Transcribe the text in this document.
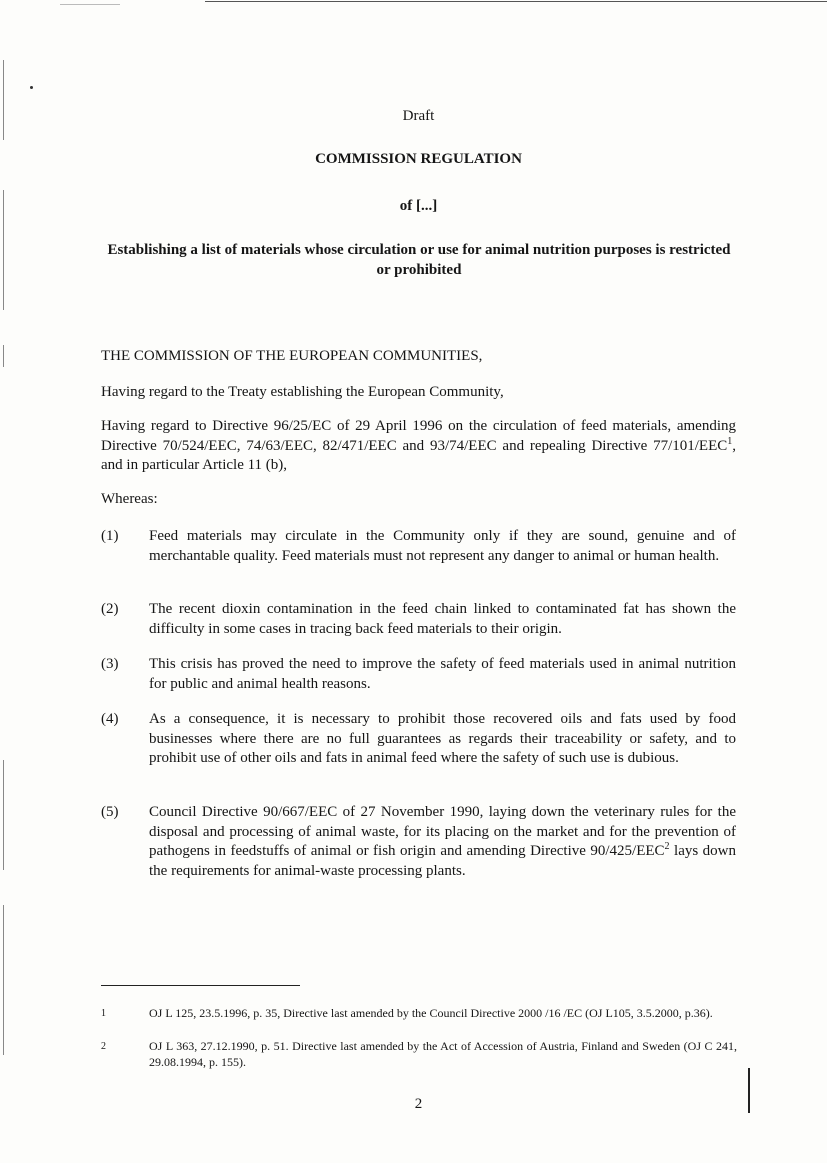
Draft
COMMISSION REGULATION
of [...]
Establishing a list of materials whose circulation or use for animal nutrition purposes is restricted or prohibited
THE COMMISSION OF THE EUROPEAN COMMUNITIES,
Having regard to the Treaty establishing the European Community,
Having regard to Directive 96/25/EC of 29 April 1996 on the circulation of feed materials, amending Directive 70/524/EEC, 74/63/EEC, 82/471/EEC and 93/74/EEC and repealing Directive 77/101/EEC$^1$, and in particular Article 11 (b),
Whereas:
(1) Feed materials may circulate in the Community only if they are sound, genuine and of merchantable quality. Feed materials must not represent any danger to animal or human health.
(2) The recent dioxin contamination in the feed chain linked to contaminated fat has shown the difficulty in some cases in tracing back feed materials to their origin.
(3) This crisis has proved the need to improve the safety of feed materials used in animal nutrition for public and animal health reasons.
(4) As a consequence, it is necessary to prohibit those recovered oils and fats used by food businesses where there are no full guarantees as regards their traceability or safety, and to prohibit use of other oils and fats in animal feed where the safety of such use is dubious.
(5) Council Directive 90/667/EEC of 27 November 1990, laying down the veterinary rules for the disposal and processing of animal waste, for its placing on the market and for the prevention of pathogens in feedstuffs of animal or fish origin and amending Directive 90/425/EEC$^2$ lays down the requirements for animal-waste processing plants.
1	OJ L 125, 23.5.1996, p. 35, Directive last amended by the Council Directive 2000 /16 /EC (OJ L105, 3.5.2000, p.36).
2	OJ L 363, 27.12.1990, p. 51. Directive last amended by the Act of Accession of Austria, Finland and Sweden (OJ C 241, 29.08.1994, p. 155).
2
